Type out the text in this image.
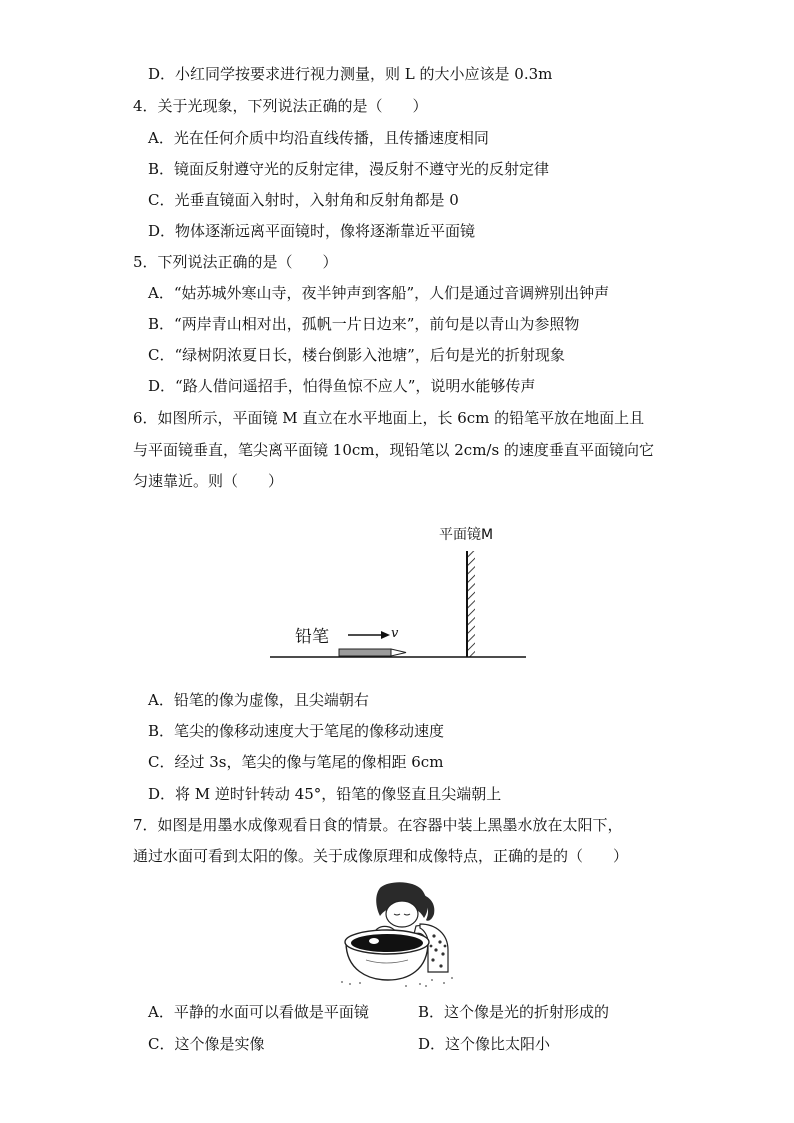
D．小红同学按要求进行视力测量，则 L 的大小应该是 0.3m
4．关于光现象，下列说法正确的是（　　）
A．光在任何介质中均沿直线传播，且传播速度相同
B．镜面反射遵守光的反射定律，漫反射不遵守光的反射定律
C．光垂直镜面入射时，入射角和反射角都是 0
D．物体逐渐远离平面镜时，像将逐渐靠近平面镜
5．下列说法正确的是（　　）
A．“姑苏城外寒山寺，夜半钟声到客船”，人们是通过音调辨别出钟声
B．“两岸青山相对出，孤帆一片日边来”，前句是以青山为参照物
C．“绿树阴浓夏日长，楼台倒影入池塘”，后句是光的折射现象
D．“路人借问遥招手，怕得鱼惊不应人”，说明水能够传声
6．如图所示，平面镜 M 直立在水平地面上，长 6cm 的铅笔平放在地面上且
与平面镜垂直，笔尖离平面镜 10cm，现铅笔以 2cm/s 的速度垂直平面镜向它
匀速靠近。则（　　）
平面镜M
铅笔	v
A．铅笔的像为虚像，且尖端朝右
B．笔尖的像移动速度大于笔尾的像移动速度
C．经过 3s，笔尖的像与笔尾的像相距 6cm
D．将 M 逆时针转动 45°，铅笔的像竖直且尖端朝上
7．如图是用墨水成像观看日食的情景。在容器中装上黑墨水放在太阳下，
通过水面可看到太阳的像。关于成像原理和成像特点，正确的是的（　　）
A．平静的水面可以看做是平面镜	B．这个像是光的折射形成的
C．这个像是实像	D．这个像比太阳小
